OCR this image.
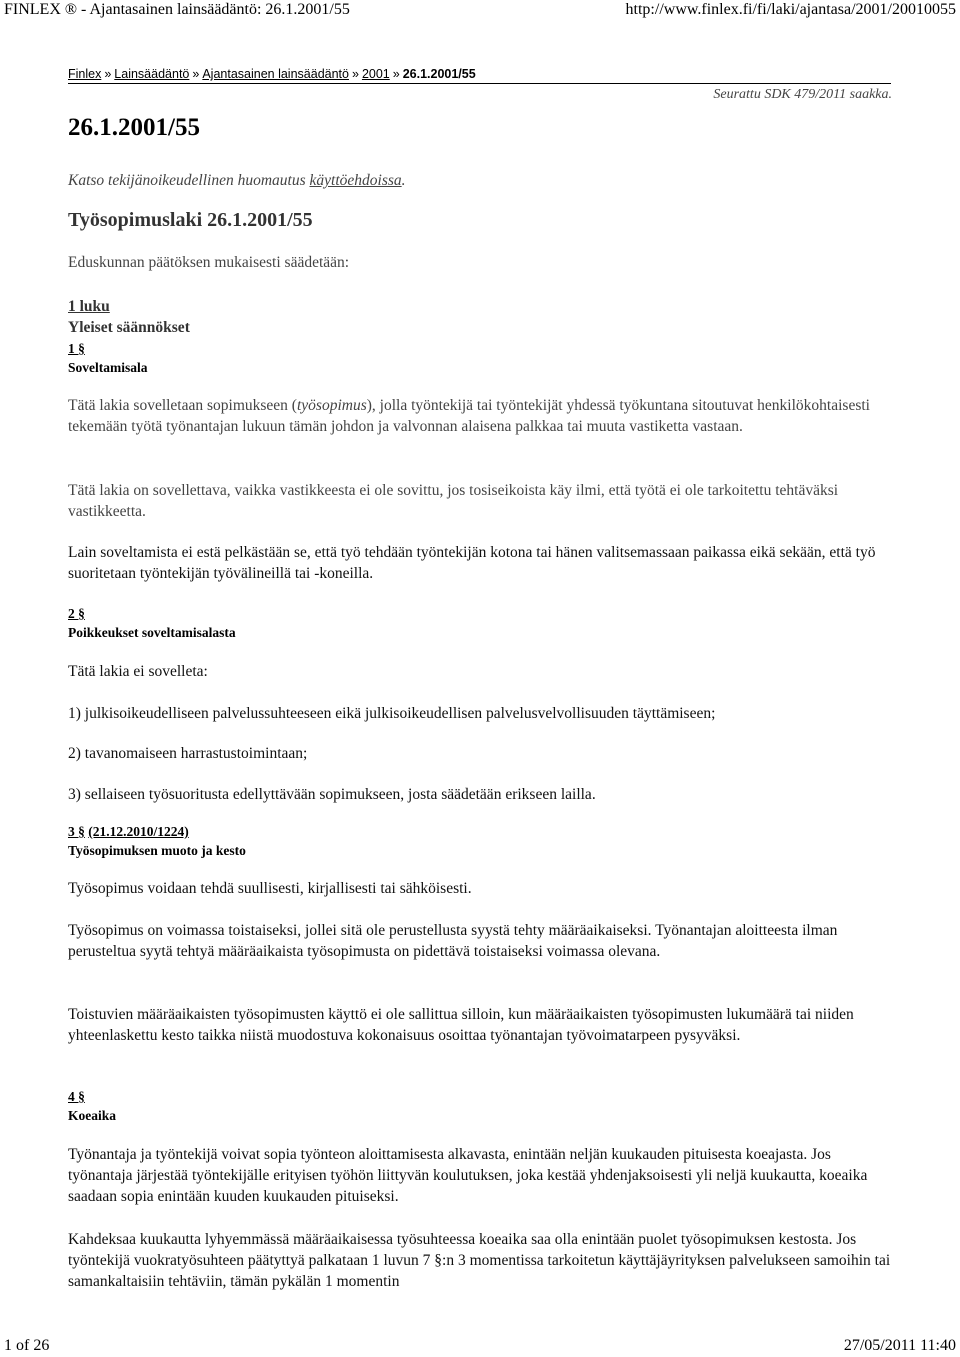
FINLEX ® - Ajantasainen lainsäädäntö: 26.1.2001/55	http://www.finlex.fi/fi/laki/ajantasa/2001/20010055
Finlex » Lainsäädäntö » Ajantasainen lainsäädäntö » 2001 » 26.1.2001/55
Seurattu SDK 479/2011 saakka.
26.1.2001/55
Katso tekijänoikeudellinen huomautus käyttöehdoissa.
Työsopimuslaki 26.1.2001/55
Eduskunnan päätöksen mukaisesti säädetään:
1 luku
Yleiset säännökset
1 §
Soveltamisala

Tätä lakia sovelletaan sopimukseen (työsopimus), jolla työntekijä tai työntekijät yhdessä työkuntana sitoutuvat henkilökohtaisesti tekemään työtä työnantajan lukuun tämän johdon ja valvonnan alaisena palkkaa tai muuta vastiketta vastaan.

Tätä lakia on sovellettava, vaikka vastikkeesta ei ole sovittu, jos tosiseikoista käy ilmi, että työtä ei ole tarkoitettu tehtäväksi vastikkeetta.

Lain soveltamista ei estä pelkästään se, että työ tehdään työntekijän kotona tai hänen valitsemassaan paikassa eikä sekään, että työ suoritetaan työntekijän työvälineillä tai -koneilla.

2 §
Poikkeukset soveltamisalasta

Tätä lakia ei sovelleta:

1) julkisoikeudelliseen palvelussuhteeseen eikä julkisoikeudellisen palvelusvelvollisuuden täyttämiseen;

2) tavanomaiseen harrastustoimintaan;

3) sellaiseen työsuoritusta edellyttävään sopimukseen, josta säädetään erikseen laillа.

3 § (21.12.2010/1224)
Työsopimuksen muoto ja kesto

Työsopimus voidaan tehdä suullisesti, kirjallisesti tai sähköisesti.

Työsopimus on voimassa toistaiseksi, jollei sitä ole perustellusta syystä tehty määräaikaiseksi. Työnantajan aloitteesta ilman perusteltua syytä tehtyä määräaikaista työsopimusta on pidettävä toistaiseksi voimassa olevana.

Toistuvien määräaikaisten työsopimusten käyttö ei ole sallittua silloin, kun määräaikaisten työsopimusten lukumäärä tai niiden yhteenlaskettu kesto taikka niistä muodostuva kokonaisuus osoittaa työnantajan työvoimatarpeen pysyväksi.

4 §
Koeaika

Työnantaja ja työntekijä voivat sopia työnteon aloittamisesta alkavasta, enintään neljän kuukauden pituisesta koeajasta. Jos työnantaja järjestää työntekijälle erityisen työhön liittyvän koulutuksen, joka kestää yhdenjaksoisesti yli neljä kuukautta, koeaika saadaan sopia enintään kuuden kuukauden pituiseksi.

Kahdeksaa kuukautta lyhyemmässä määräaikaisessa työsuhteessa koeaika saa olla enintään puolet työsopimuksen kestosta. Jos työntekijä vuokratyösuhteen päätyttyä palkataan 1 luvun 7 §:n 3 momentissa tarkoitetun käyttäjäyrityksen palvelukseen samoihin tai samankaltaisiin tehtäviin, tämän pykälän 1 momentin

1 of 26	27/05/2011 11:40
